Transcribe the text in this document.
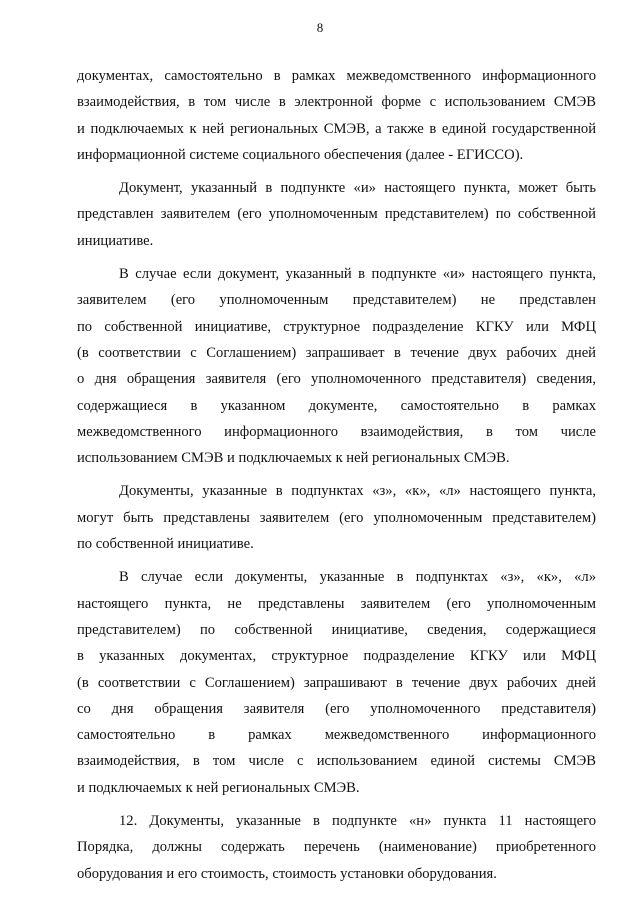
8
документах, самостоятельно в рамках межведомственного информационного
взаимодействия, в том числе в электронной форме с использованием СМЭВ
и подключаемых к ней региональных СМЭВ, а также в единой государственной
информационной системе социального обеспечения (далее - ЕГИССО).
Документ, указанный в подпункте «и» настоящего пункта, может быть
представлен заявителем (его уполномоченным представителем) по собственной
инициативе.
В случае если документ, указанный в подпункте «и» настоящего пункта,
заявителем (его уполномоченным представителем) не представлен
по собственной инициативе, структурное подразделение КГКУ или МФЦ
(в соответствии с Соглашением) запрашивает в течение двух рабочих дней
о дня обращения заявителя (его уполномоченного представителя) сведения,
содержащиеся в указанном документе, самостоятельно в рамках
межведомственного информационного взаимодействия, в том числе
использованием СМЭВ и подключаемых к ней региональных СМЭВ.
Документы, указанные в подпунктах «з», «к», «л» настоящего пункта,
могут быть представлены заявителем (его уполномоченным представителем)
по собственной инициативе.
В случае если документы, указанные в подпунктах «з», «к», «л»
настоящего пункта, не представлены заявителем (его уполномоченным
представителем) по собственной инициативе, сведения, содержащиеся
в указанных документах, структурное подразделение КГКУ или МФЦ
(в соответствии с Соглашением) запрашивают в течение двух рабочих дней
со дня обращения заявителя (его уполномоченного представителя)
самостоятельно в рамках межведомственного информационного
взаимодействия, в том числе с использованием единой системы СМЭВ
и подключаемых к ней региональных СМЭВ.
12. Документы, указанные в подпункте «н» пункта 11 настоящего
Порядка, должны содержать перечень (наименование) приобретенного
оборудования и его стоимость, стоимость установки оборудования.
